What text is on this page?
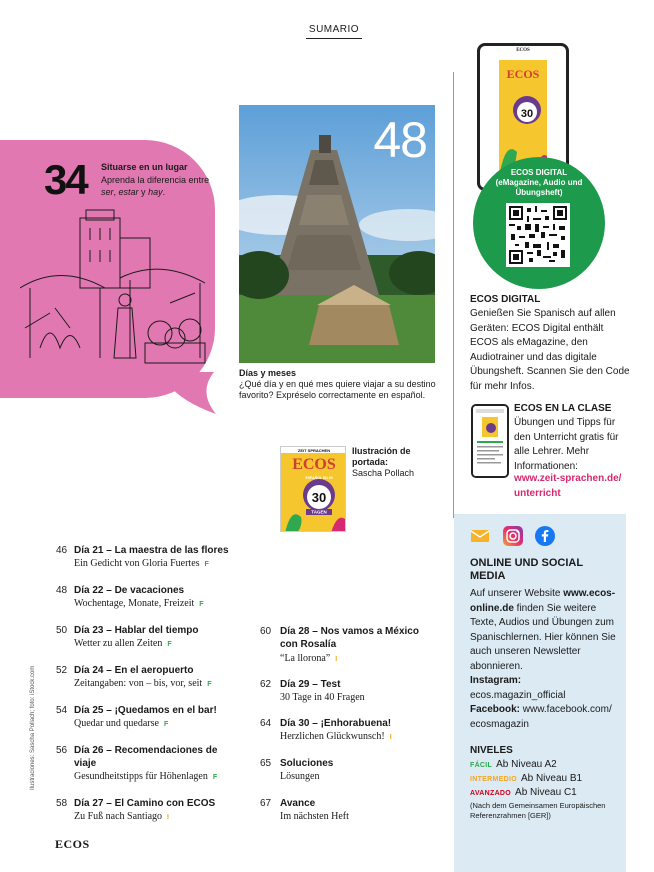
SUMARIO
34 Situarse en un lugar
Aprenda la diferencia entre ser, estar y hay.
48
Días y meses
¿Qué día y en qué mes quiere viajar a su destino favorito? Expréselo correctamente en español.
ZEIT SPRACHEN
ECOS
30
TAGEN
ESPAÑOL EN 30
Ilustración de portada:
Sascha Pollach
ECOS
ECOS
30
ECOS DIGITAL
(eMagazine, Audio und Übungsheft)
ECOS DIGITAL
Genießen Sie Spanisch auf allen Geräten: ECOS Digital enthält ECOS als eMagazine, den Audiotrainer und das digitale Übungsheft. Scannen Sie den Code für mehr Infos.
ECOS EN LA CLASE
Übungen und Tipps für den Unterricht gratis für alle Lehrer. Mehr Informationen:
www.zeit-sprachen.de/ unterricht
ONLINE UND SOCIAL MEDIA
Auf unserer Website www.ecos-online.de finden Sie weitere Texte, Audios und Übungen zum Spanischlernen. Hier können Sie auch unseren Newsletter abonnieren.
Instagram:
ecos.magazin_official
Facebook: www.facebook.com/ ecosmagazin
NIVELES
FÁCIL Ab Niveau A2
INTERMEDIO Ab Niveau B1
AVANZADO Ab Niveau C1
(Nach dem Gemeinsamen Europäischen Referenzrahmen [GER])
46 Día 21 – La maestra de las flores
Ein Gedicht von Gloria Fuertes F
48 Día 22 – De vacaciones
Wochentage, Monate, Freizeit F
50 Día 23 – Hablar del tiempo
Wetter zu allen Zeiten F
52 Día 24 – En el aeropuerto
Zeitangaben: von – bis, vor, seit F
54 Día 25 – ¡Quedamos en el bar!
Quedar und quedarse F
56 Día 26 – Recomendaciones de viaje
Gesundheitstipps für Höhenlagen F
58 Día 27 – El Camino con ECOS
Zu Fuß nach Santiago I
60 Día 28 – Nos vamos a México con Rosalía
“La llorona” I
62 Día 29 – Test
30 Tage in 40 Fragen
64 Día 30 – ¡Enhorabuena!
Herzlichen Glückwunsch! I
65 Soluciones
Lösungen
67 Avance
Im nächsten Heft
Ilustraciones: Sascha Pollach; foto: iStock.com
ECOS
